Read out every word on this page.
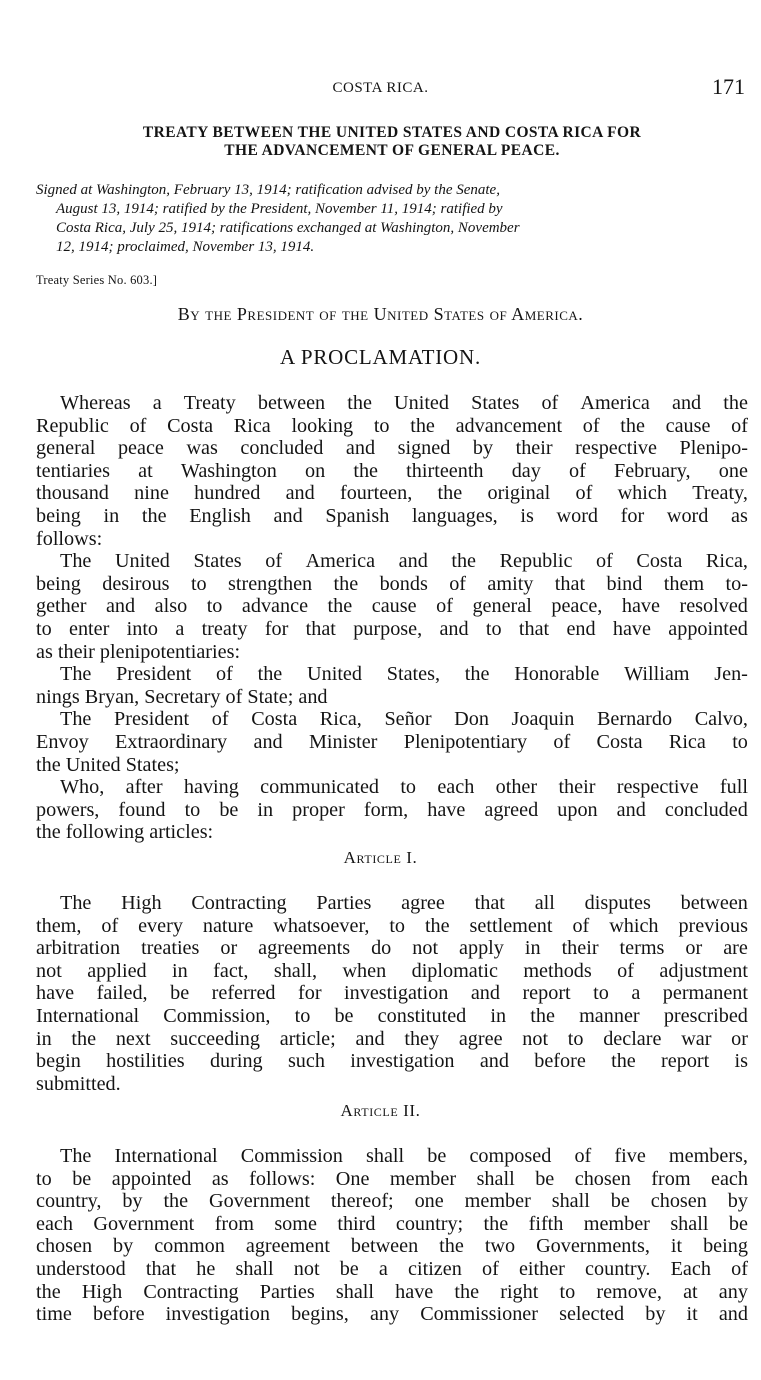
COSTA RICA.	171
TREATY BETWEEN THE UNITED STATES AND COSTA RICA FOR
THE ADVANCEMENT OF GENERAL PEACE.
Signed at Washington, February 13, 1914; ratification advised by the Senate,
August 13, 1914; ratified by the President, November 11, 1914; ratified by
Costa Rica, July 25, 1914; ratifications exchanged at Washington, November
12, 1914; proclaimed, November 13, 1914.
Treaty Series No. 603.]
By the President of the United States of America.
A PROCLAMATION.
Whereas a Treaty between the United States of America and the
Republic of Costa Rica looking to the advancement of the cause of
general peace was concluded and signed by their respective Plenipo-
tentiaries at Washington on the thirteenth day of February, one
thousand nine hundred and fourteen, the original of which Treaty,
being in the English and Spanish languages, is word for word as
follows:
The United States of America and the Republic of Costa Rica,
being desirous to strengthen the bonds of amity that bind them to-
gether and also to advance the cause of general peace, have resolved
to enter into a treaty for that purpose, and to that end have appointed
as their plenipotentiaries:
The President of the United States, the Honorable William Jen-
nings Bryan, Secretary of State; and
The President of Costa Rica, Señor Don Joaquin Bernardo Calvo,
Envoy Extraordinary and Minister Plenipotentiary of Costa Rica to
the United States;
Who, after having communicated to each other their respective full
powers, found to be in proper form, have agreed upon and concluded
the following articles:
Article I.
The High Contracting Parties agree that all disputes between
them, of every nature whatsoever, to the settlement of which previous
arbitration treaties or agreements do not apply in their terms or are
not applied in fact, shall, when diplomatic methods of adjustment
have failed, be referred for investigation and report to a permanent
International Commission, to be constituted in the manner prescribed
in the next succeeding article; and they agree not to declare war or
begin hostilities during such investigation and before the report is
submitted.
Article II.
The International Commission shall be composed of five members,
to be appointed as follows: One member shall be chosen from each
country, by the Government thereof; one member shall be chosen by
each Government from some third country; the fifth member shall be
chosen by common agreement between the two Governments, it being
understood that he shall not be a citizen of either country. Each of
the High Contracting Parties shall have the right to remove, at any
time before investigation begins, any Commissioner selected by it and
